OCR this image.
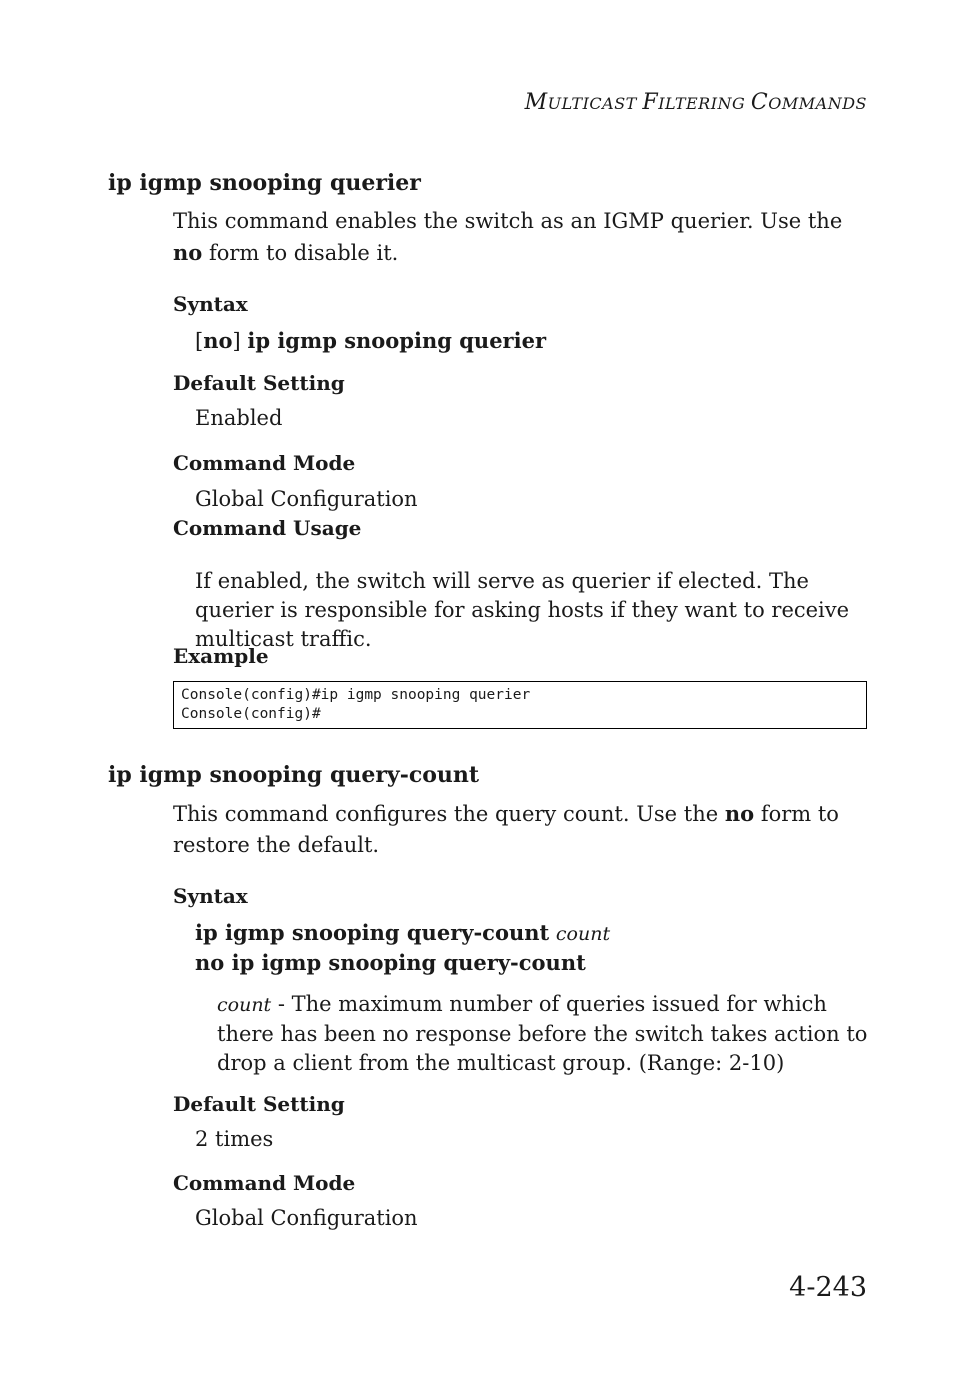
MULTICAST FILTERING COMMANDS
ip igmp snooping querier
This command enables the switch as an IGMP querier. Use the no form to disable it.
Syntax
[no] ip igmp snooping querier
Default Setting
Enabled
Command Mode
Global Configuration
Command Usage
If enabled, the switch will serve as querier if elected. The querier is responsible for asking hosts if they want to receive multicast traffic.
Example
Console(config)#ip igmp snooping querier
Console(config)#
ip igmp snooping query-count
This command configures the query count. Use the no form to restore the default.
Syntax
ip igmp snooping query-count count
no ip igmp snooping query-count
count - The maximum number of queries issued for which there has been no response before the switch takes action to drop a client from the multicast group. (Range: 2-10)
Default Setting
2 times
Command Mode
Global Configuration
4-243
